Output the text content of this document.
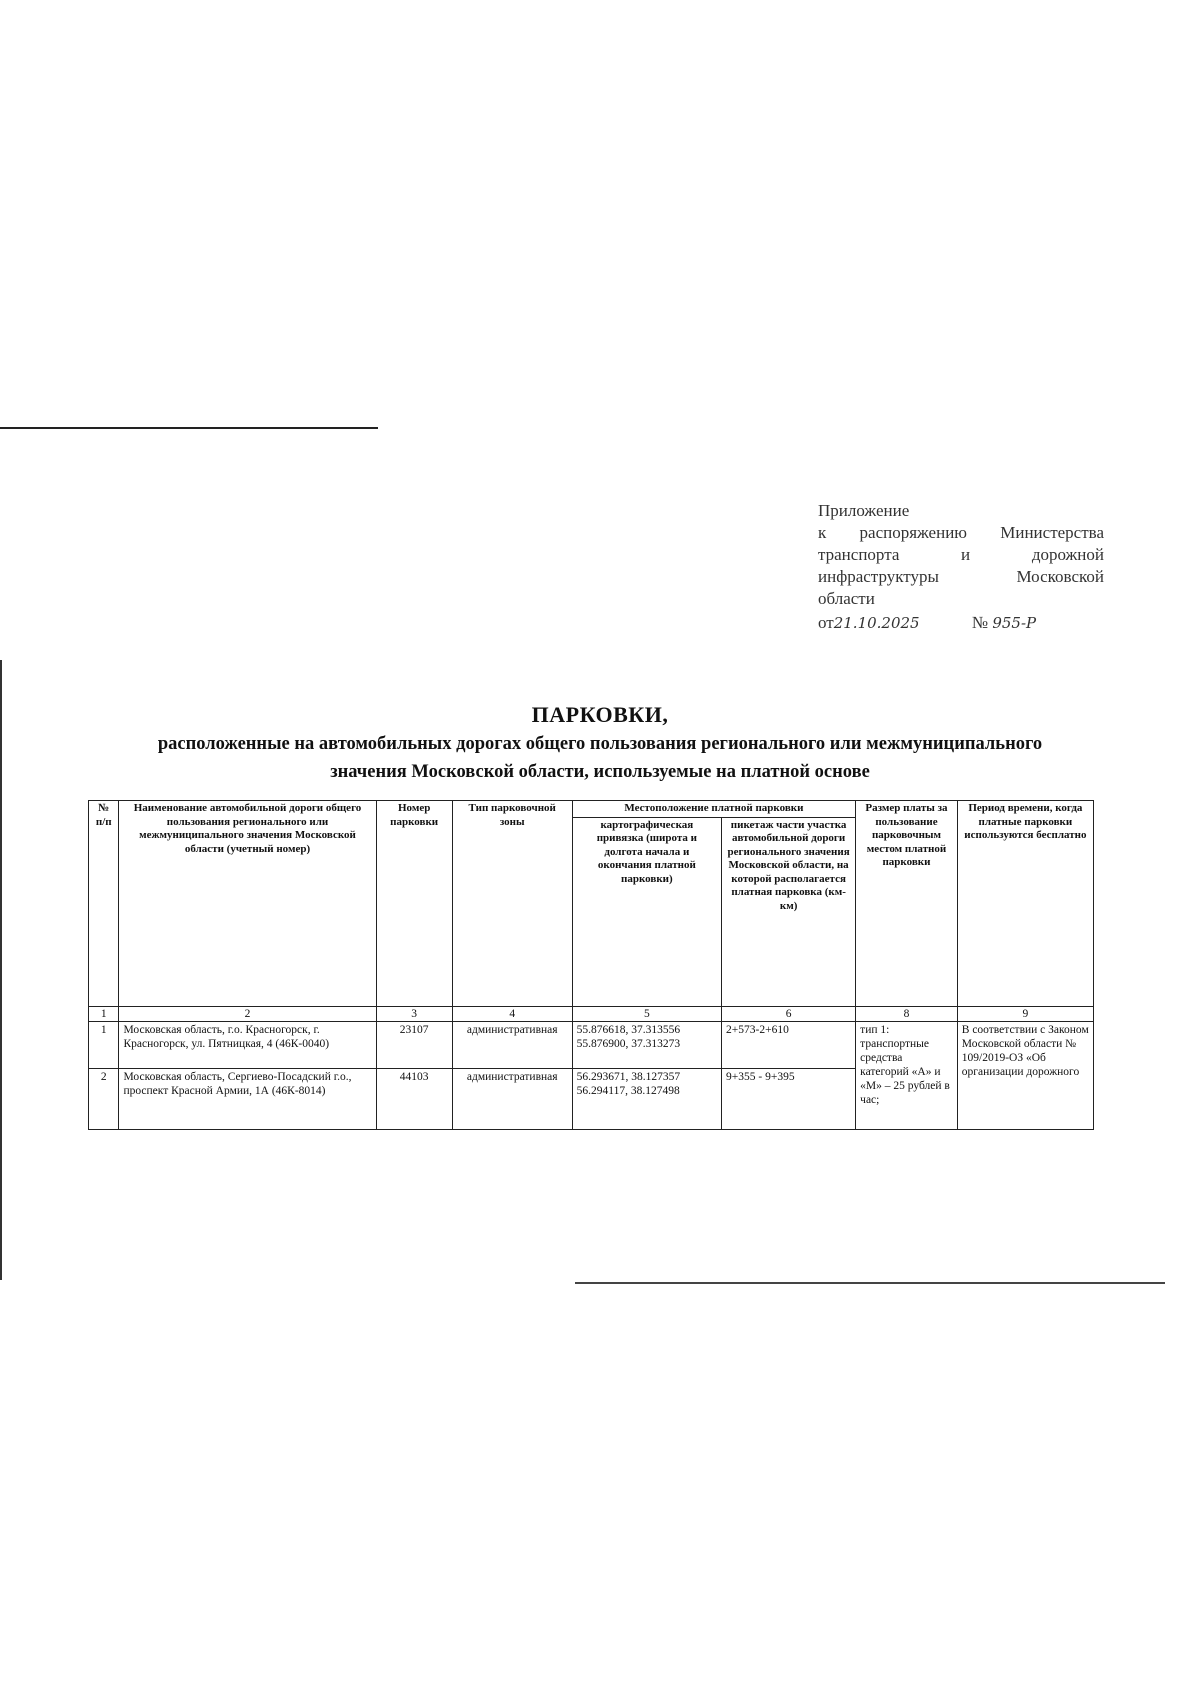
Приложение
к распоряжению Министерства
транспорта и дорожной
инфраструктуры Московской
области
от21.10.2025	№ 955-Р
ПАРКОВКИ,
расположенные на автомобильных дорогах общего пользования регионального или межмуниципального
значения Московской области, используемые на платной основе
№ п/п	Наименование автомобильной дороги общего пользования регионального или межмуниципального значения Московской области (учетный номер)	Номер парковки	Тип парковочной зоны	Местоположение платной парковки		Размер платы за пользование парковочным местом платной парковки	Период времени, когда платные парковки используются бесплатно
				картографическая привязка (широта и долгота начала и окончания платной парковки)	пикетаж части участка автомобильной дороги регионального значения Московской области, на которой располагается платная парковка (км-км)		
1	2	3	4	5	6	8	9
1	Московская область, г.о. Красногорск, г. Красногорск, ул. Пятницкая, 4 (46К-0040)	23107	административная	55.876618, 37.313556 55.876900, 37.313273	2+573-2+610	тип 1: транспортные средства категорий «А» и «М» – 25 рублей в час;	В соответствии с Законом Московской области № 109/2019-ОЗ «Об организации дорожного
2	Московская область, Сергиево-Посадский г.о., проспект Красной Армии, 1А (46К-8014)	44103	административная	56.293671, 38.127357 56.294117, 38.127498	9+355 - 9+395		
